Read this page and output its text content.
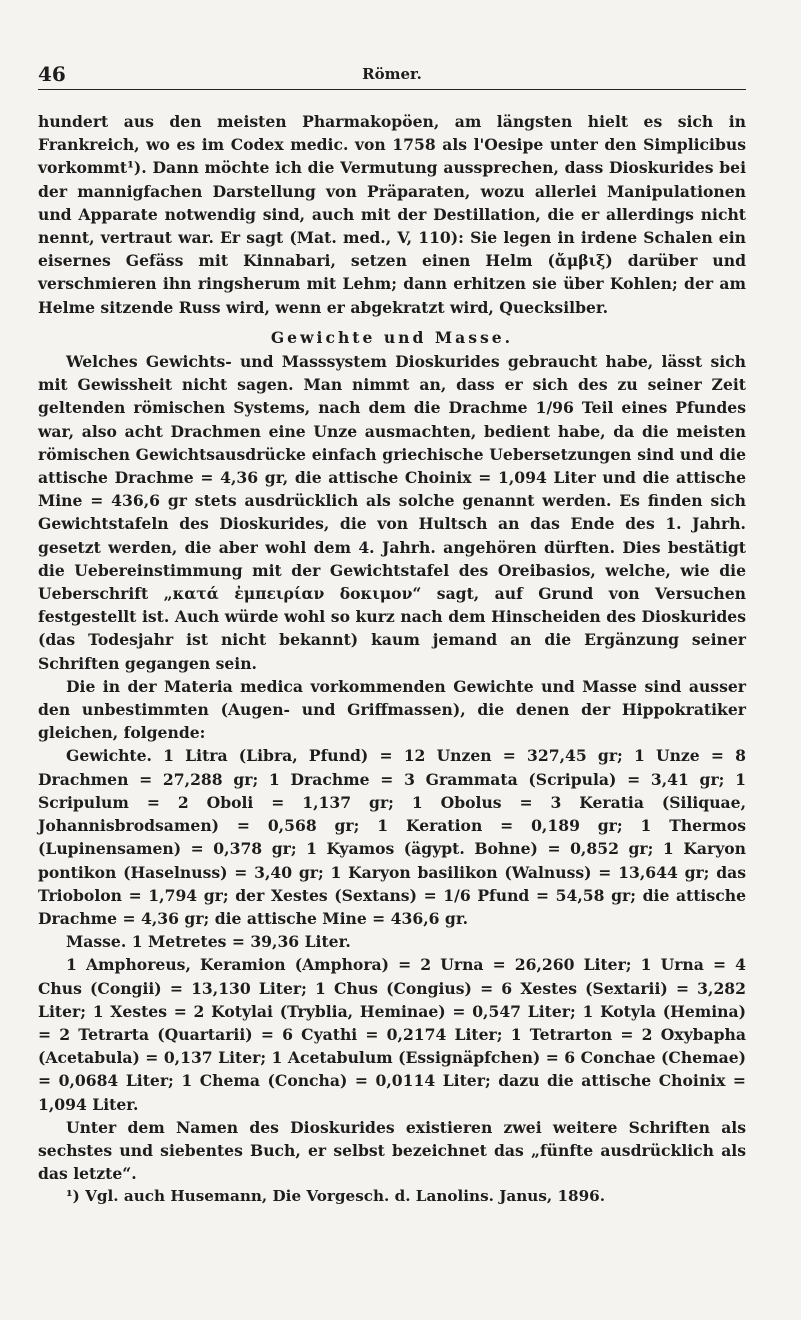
46	Römer.

hundert aus den meisten Pharmakopöen, am längsten hielt es sich in Frankreich, wo es im Codex medic. von 1758 als l'Oesipe unter den Simplicibus vorkommt¹). Dann möchte ich die Vermutung aussprechen, dass Dioskurides bei der mannigfachen Darstellung von Präparaten, wozu allerlei Manipulationen und Apparate notwendig sind, auch mit der Destillation, die er allerdings nicht nennt, vertraut war. Er sagt (Mat. med., V, 110): Sie legen in irdene Schalen ein eisernes Gefäss mit Kinnabari, setzen einen Helm (ἄμβιξ) darüber und verschmieren ihn ringsherum mit Lehm; dann erhitzen sie über Kohlen; der am Helme sitzende Russ wird, wenn er abgekratzt wird, Quecksilber.

Gewichte und Masse.

Welches Gewichts- und Masssystem Dioskurides gebraucht habe, lässt sich mit Gewissheit nicht sagen. Man nimmt an, dass er sich des zu seiner Zeit geltenden römischen Systems, nach dem die Drachme 1/96 Teil eines Pfundes war, also acht Drachmen eine Unze ausmachten, bedient habe, da die meisten römischen Gewichtsausdrücke einfach griechische Uebersetzungen sind und die attische Drachme = 4,36 gr, die attische Choinix = 1,094 Liter und die attische Mine = 436,6 gr stets ausdrücklich als solche genannt werden. Es finden sich Gewichtstafeln des Dioskurides, die von Hultsch an das Ende des 1. Jahrh. gesetzt werden, die aber wohl dem 4. Jahrh. angehören dürften. Dies bestätigt die Uebereinstimmung mit der Gewichtstafel des Oreibasios, welche, wie die Ueberschrift „κατά ἐμπειρίαν δοκιμον“ sagt, auf Grund von Versuchen festgestellt ist. Auch würde wohl so kurz nach dem Hinscheiden des Dioskurides (das Todesjahr ist nicht bekannt) kaum jemand an die Ergänzung seiner Schriften gegangen sein.

Die in der Materia medica vorkommenden Gewichte und Masse sind ausser den unbestimmten (Augen- und Griffmassen), die denen der Hippokratiker gleichen, folgende:

Gewichte. 1 Litra (Libra, Pfund) = 12 Unzen = 327,45 gr; 1 Unze = 8 Drachmen = 27,288 gr; 1 Drachme = 3 Grammata (Scripula) = 3,41 gr; 1 Scripulum = 2 Oboli = 1,137 gr; 1 Obolus = 3 Keratia (Siliquae, Johannisbrodsamen) = 0,568 gr; 1 Keration = 0,189 gr; 1 Thermos (Lupinensamen) = 0,378 gr; 1 Kyamos (ägypt. Bohne) = 0,852 gr; 1 Karyon pontikon (Haselnuss) = 3,40 gr; 1 Karyon basilikon (Walnuss) = 13,644 gr; das Triobolon = 1,794 gr; der Xestes (Sextans) = 1/6 Pfund = 54,58 gr; die attische Drachme = 4,36 gr; die attische Mine = 436,6 gr.

Masse. 1 Metretes = 39,36 Liter.

1 Amphoreus, Keramion (Amphora) = 2 Urna = 26,260 Liter; 1 Urna = 4 Chus (Congii) = 13,130 Liter; 1 Chus (Congius) = 6 Xestes (Sextarii) = 3,282 Liter; 1 Xestes = 2 Kotylai (Tryblia, Heminae) = 0,547 Liter; 1 Kotyla (Hemina) = 2 Tetrarta (Quartarii) = 6 Cyathi = 0,2174 Liter; 1 Tetrarton = 2 Oxybapha (Acetabula) = 0,137 Liter; 1 Acetabulum (Essignäpfchen) = 6 Conchae (Chemae) = 0,0684 Liter; 1 Chema (Concha) = 0,0114 Liter; dazu die attische Choinix = 1,094 Liter.

Unter dem Namen des Dioskurides existieren zwei weitere Schriften als sechstes und siebentes Buch, er selbst bezeichnet das „fünfte ausdrücklich als das letzte“.

¹) Vgl. auch Husemann, Die Vorgesch. d. Lanolins. Janus, 1896.
